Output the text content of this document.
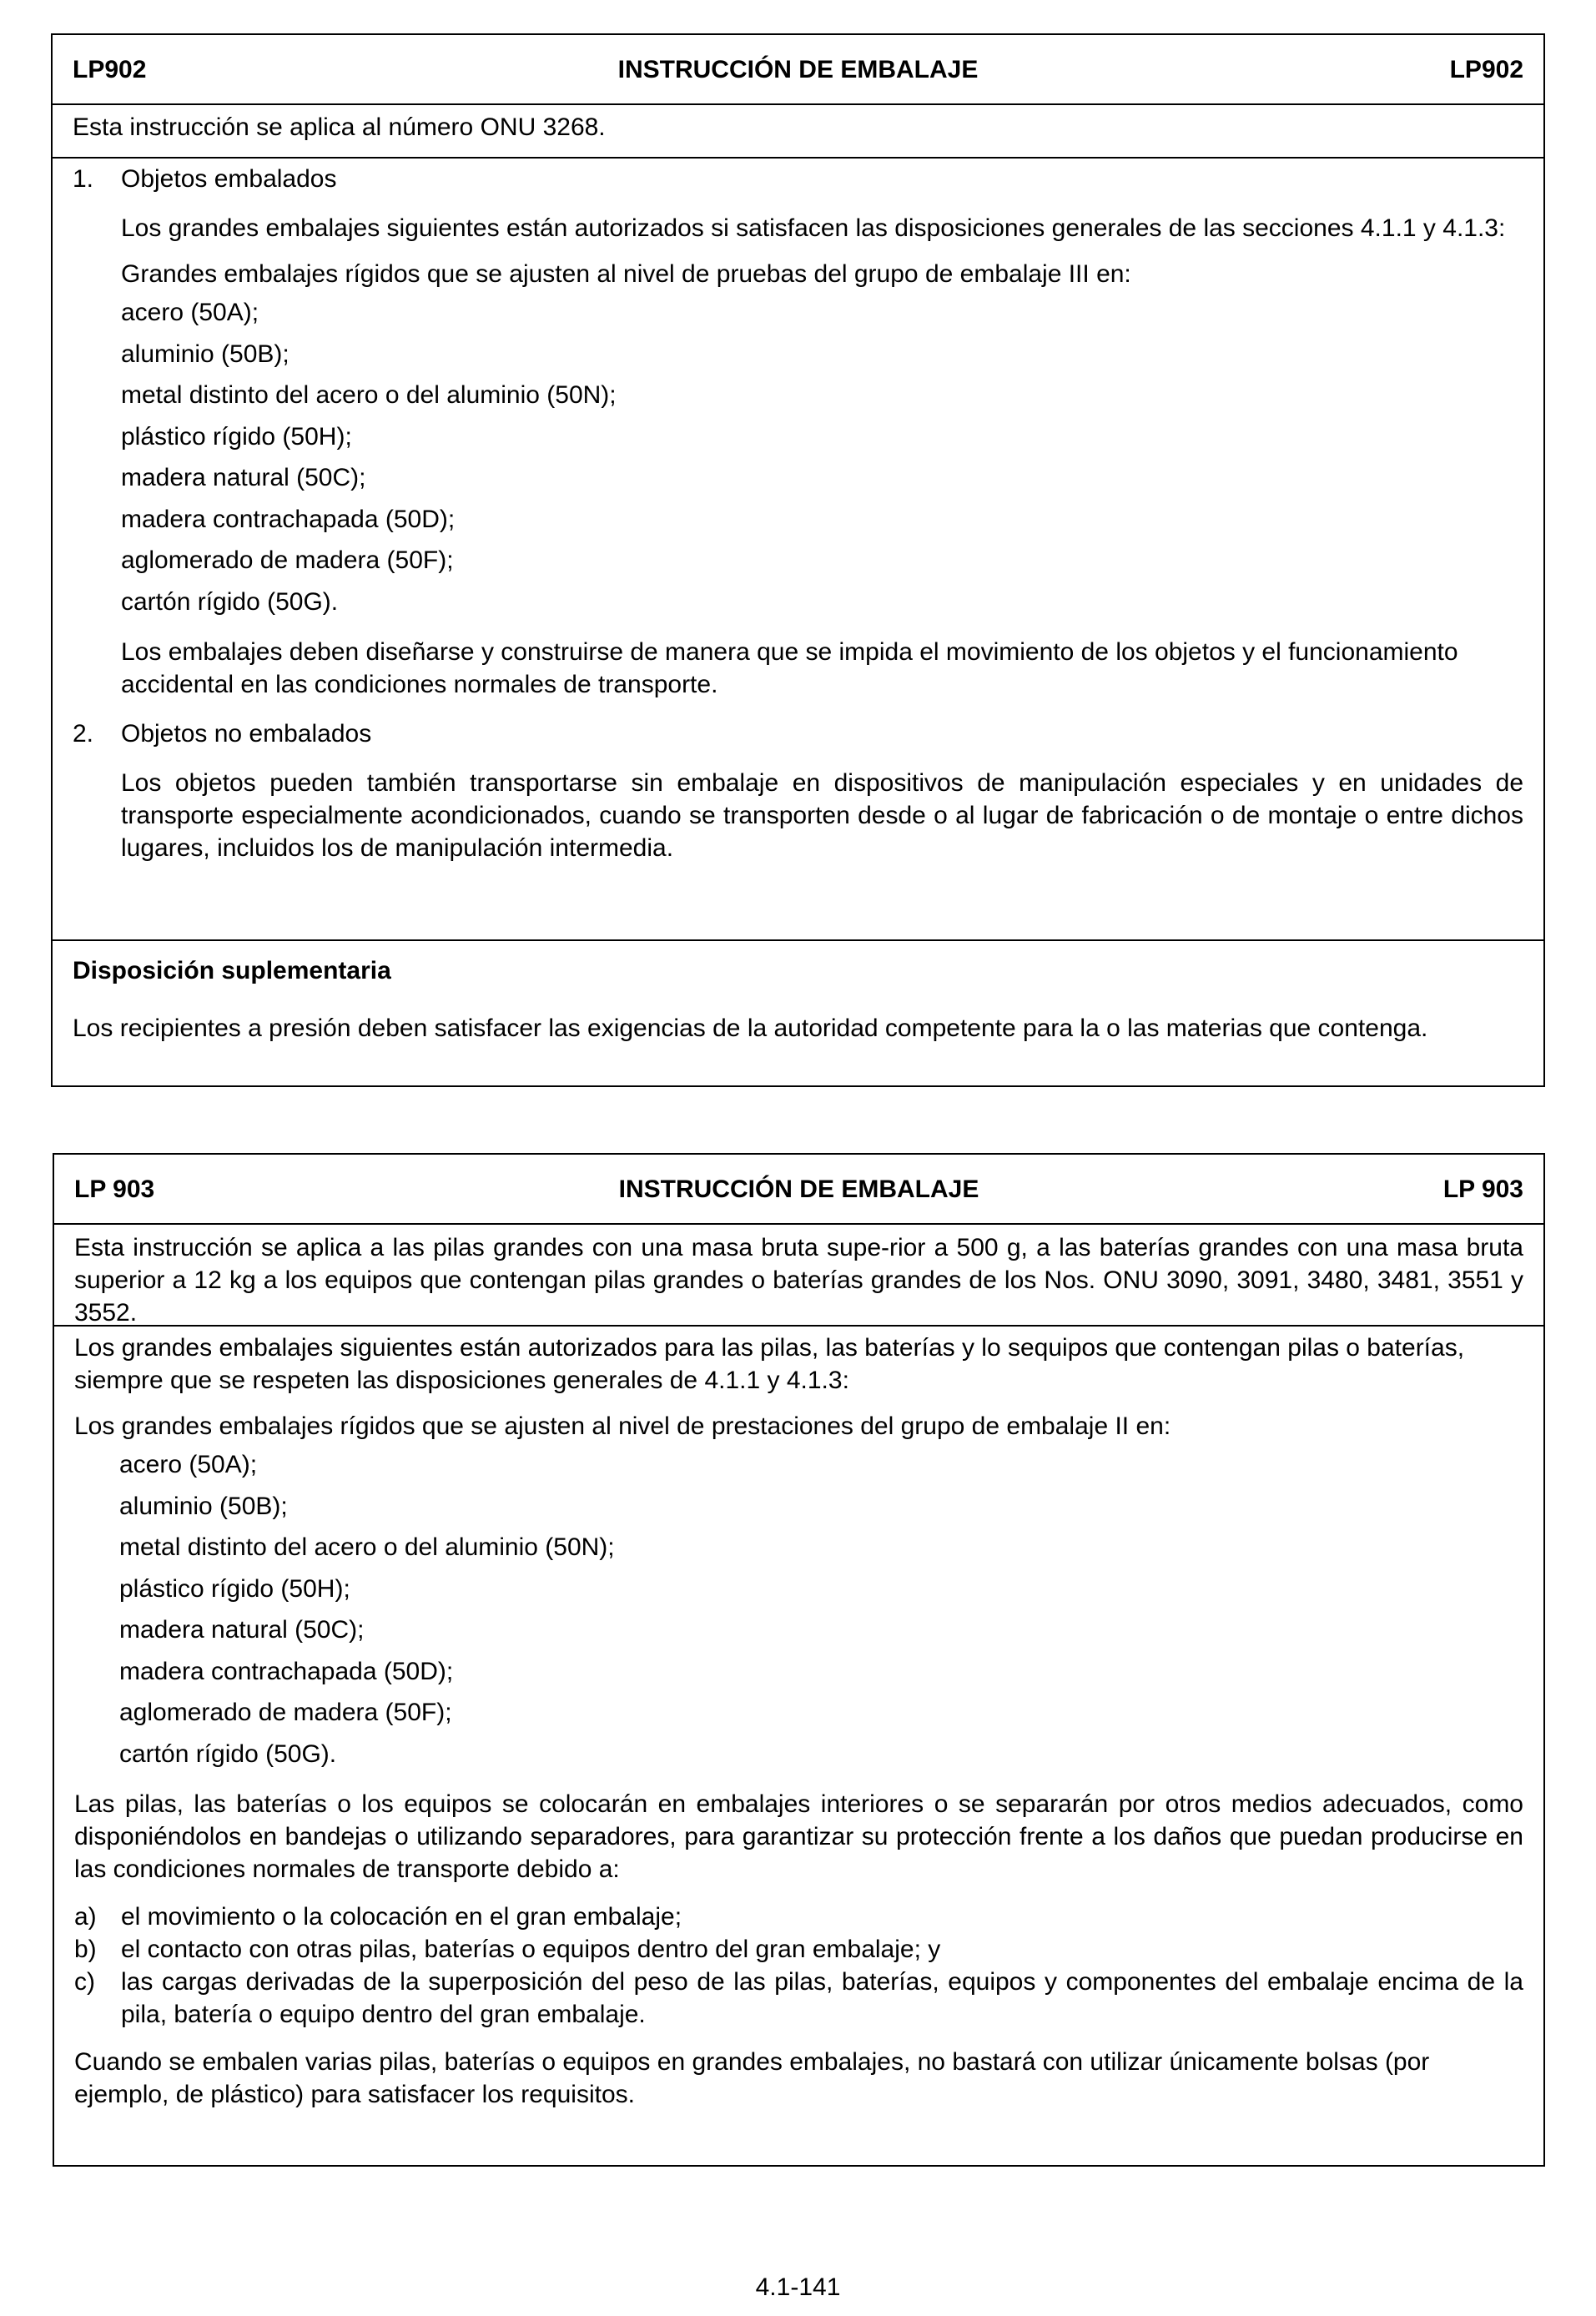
LP902	INSTRUCCIÓN DE EMBALAJE	LP902

Esta instrucción se aplica al número ONU 3268.

1.	Objetos embalados

Los grandes embalajes siguientes están autorizados si satisfacen las disposiciones generales de las secciones 4.1.1 y 4.1.3:

Grandes embalajes rígidos que se ajusten al nivel de pruebas del grupo de embalaje III en:

acero (50A);
aluminio (50B);
metal distinto del acero o del aluminio (50N);
plástico rígido (50H);
madera natural (50C);
madera contrachapada (50D);
aglomerado de madera (50F);
cartón rígido (50G).

Los embalajes deben diseñarse y construirse de manera que se impida el movimiento de los objetos y el funcionamiento accidental en las condiciones normales de transporte.

2.	Objetos no embalados

Los objetos pueden también transportarse sin embalaje en dispositivos de manipulación especiales y en unidades de transporte especialmente acondicionados, cuando se transporten desde o al lugar de fabricación o de montaje o entre dichos lugares, incluidos los de manipulación intermedia.

Disposición suplementaria

Los recipientes a presión deben satisfacer las exigencias de la autoridad competente para la o las materias que contenga.

LP 903	INSTRUCCIÓN DE EMBALAJE	LP 903

Esta instrucción se aplica a las pilas grandes con una masa bruta supe-rior a 500 g, a las baterías grandes con una masa bruta superior a 12 kg a los equipos que contengan pilas grandes o baterías grandes de los Nos. ONU 3090, 3091, 3480, 3481, 3551 y 3552.

Los grandes embalajes siguientes están autorizados para las pilas, las baterías y lo sequipos que contengan pilas o baterías, siempre que se respeten las disposiciones generales de 4.1.1 y 4.1.3:

Los grandes embalajes rígidos que se ajusten al nivel de prestaciones del grupo de embalaje II en:

acero (50A);
aluminio (50B);
metal distinto del acero o del aluminio (50N);
plástico rígido (50H);
madera natural (50C);
madera contrachapada (50D);
aglomerado de madera (50F);
cartón rígido (50G).

Las pilas, las baterías o los equipos se colocarán en embalajes interiores o se separarán por otros medios adecuados, como disponiéndolos en bandejas o utilizando separadores, para garantizar su protección frente a los daños que puedan producirse en las condiciones normales de transporte debido a:

a) el movimiento o la colocación en el gran embalaje;
b) el contacto con otras pilas, baterías o equipos dentro del gran embalaje; y
c)	las cargas derivadas de la superposición del peso de las pilas, baterías, equipos y componentes del embalaje encima de la pila, batería o equipo dentro del gran embalaje.

Cuando se embalen varias pilas, baterías o equipos en grandes embalajes, no bastará con utilizar únicamente bolsas (por ejemplo, de plástico) para satisfacer los requisitos.

4.1-141
